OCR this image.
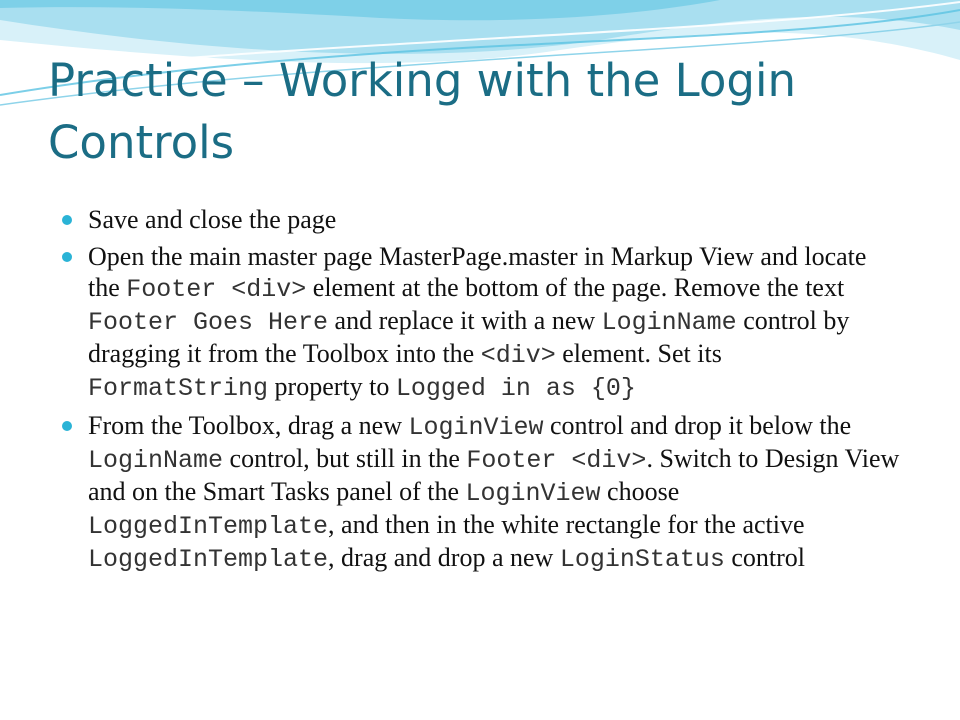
Practice – Working with the Login Controls
Save and close the page
Open the main master page MasterPage.master in Markup View and locate the Footer <div> element at the bottom of the page. Remove the text Footer Goes Here and replace it with a new LoginName control by dragging it from the Toolbox into the <div> element. Set its FormatString property to Logged in as {0}
From the Toolbox, drag a new LoginView control and drop it below the LoginName control, but still in the Footer <div>. Switch to Design View and on the Smart Tasks panel of the LoginView choose LoggedInTemplate, and then in the white rectangle for the active LoggedInTemplate, drag and drop a new LoginStatus control
